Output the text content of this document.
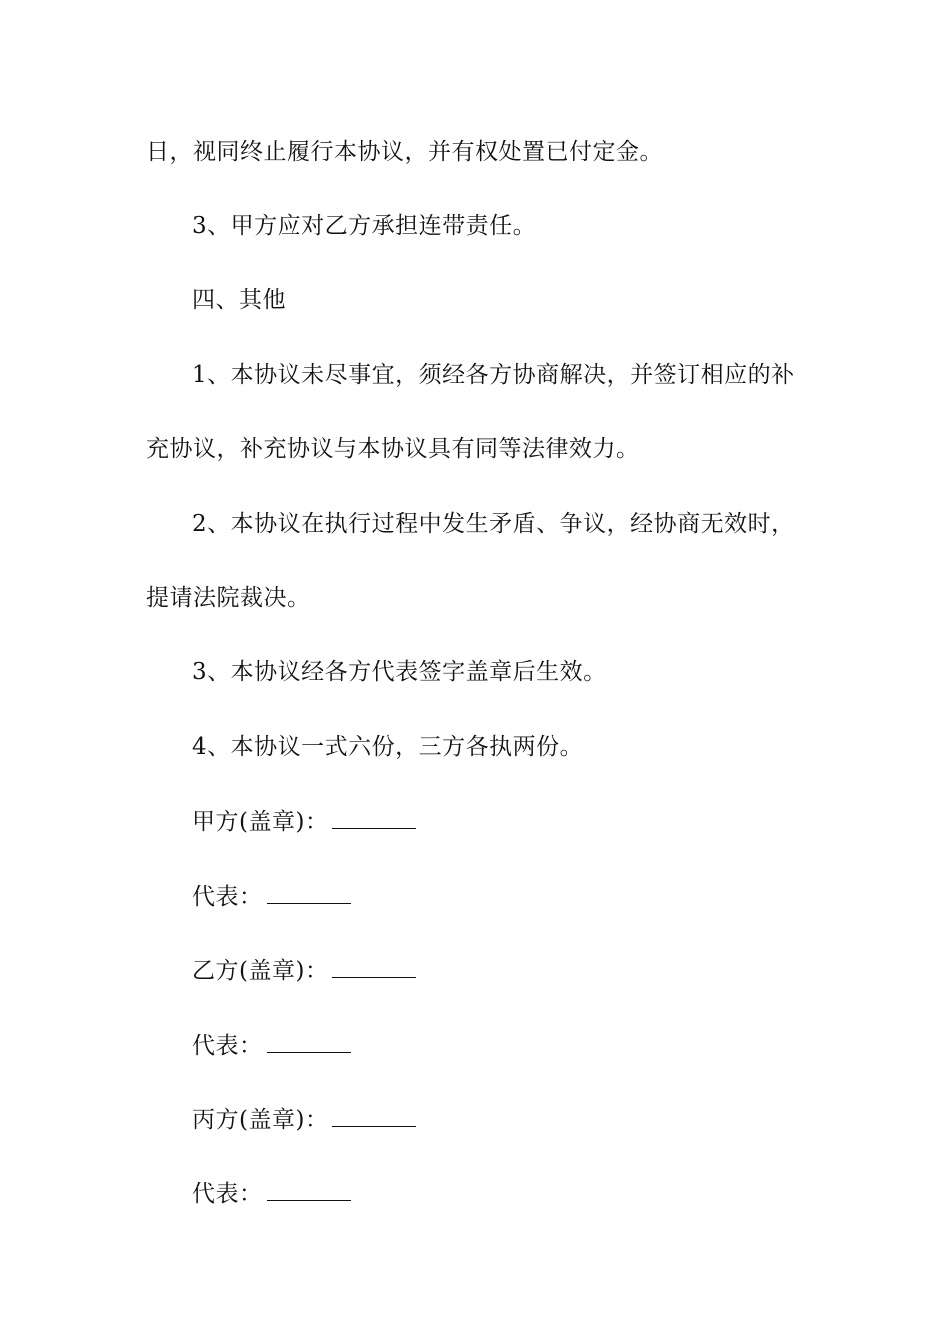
日，视同终止履行本协议，并有权处置已付定金。
3、甲方应对乙方承担连带责任。
四、其他
1、本协议未尽事宜，须经各方协商解决，并签订相应的补
充协议，补充协议与本协议具有同等法律效力。
2、本协议在执行过程中发生矛盾、争议，经协商无效时，
提请法院裁决。
3、本协议经各方代表签字盖章后生效。
4、本协议一式六份，三方各执两份。
甲方(盖章)：
代表：
乙方(盖章)：
代表：
丙方(盖章)：
代表：
